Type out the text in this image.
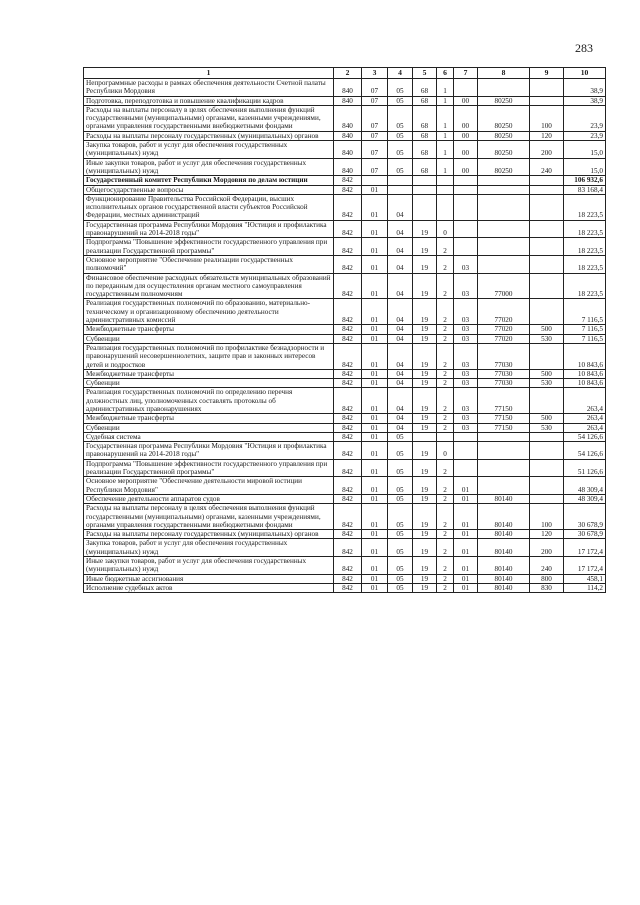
283
1	2	3	4	5	6	7	8	9	10
Непрограммные расходы в рамках обеспечения деятельности Счетной палаты Республики Мордовия	840	07	05	68	1				38,9
Подготовка, переподготовка и повышение квалификации кадров	840	07	05	68	1	00	80250		38,9
Расходы на выплаты персоналу в целях обеспечения выполнения функций государственными (муниципальными) органами, казенными учреждениями, органами управления государственными внебюджетными фондами	840	07	05	68	1	00	80250	100	23,9
Расходы на выплаты персоналу государственных (муниципальных) органов	840	07	05	68	1	00	80250	120	23,9
Закупка товаров, работ и услуг для обеспечения государственных (муниципальных) нужд	840	07	05	68	1	00	80250	200	15,0
Иные закупки товаров, работ и услуг для обеспечения государственных (муниципальных) нужд	840	07	05	68	1	00	80250	240	15,0
Государственный комитет Республики Мордовия по делам юстиции	842								106 932,6
Общегосударственные вопросы	842	01							83 168,4
Функционирование Правительства Российской Федерации, высших исполнительных органов государственной власти субъектов Российской Федерации, местных администраций	842	01	04						18 223,5
Государственная программа Республики Мордовия "Юстиция и профилактика правонарушений на 2014-2018 годы"	842	01	04	19	0				18 223,5
Подпрограмма "Повышение эффективности государственного управления при реализации Государственной программы"	842	01	04	19	2				18 223,5
Основное мероприятие "Обеспечение реализации государственных полномочий"	842	01	04	19	2	03			18 223,5
Финансовое обеспечение расходных обязательств муниципальных образований по переданным для осуществления органам местного самоуправления государственным полномочиям	842	01	04	19	2	03	77000		18 223,5
Реализация государственных полномочий по образованию, материально-техническому и организационному обеспечению деятельности административных комиссий	842	01	04	19	2	03	77020		7 116,5
Межбюджетные трансферты	842	01	04	19	2	03	77020	500	7 116,5
Субвенции	842	01	04	19	2	03	77020	530	7 116,5
Реализация государственных полномочий по профилактике безнадзорности и правонарушений несовершеннолетних, защите прав и законных интересов детей и подростков	842	01	04	19	2	03	77030		10 843,6
Межбюджетные трансферты	842	01	04	19	2	03	77030	500	10 843,6
Субвенции	842	01	04	19	2	03	77030	530	10 843,6
Реализация государственных полномочий по определению перечня должностных лиц, уполномоченных составлять протоколы об административных правонарушениях	842	01	04	19	2	03	77150		263,4
Межбюджетные трансферты	842	01	04	19	2	03	77150	500	263,4
Субвенции	842	01	04	19	2	03	77150	530	263,4
Судебная система	842	01	05						54 126,6
Государственная программа Республики Мордовия "Юстиция и профилактика правонарушений на 2014-2018 годы"	842	01	05	19	0				54 126,6
Подпрограмма "Повышение эффективности государственного управления при реализации Государственной программы"	842	01	05	19	2				51 126,6
Основное мероприятие "Обеспечение деятельности мировой юстиции Республики Мордовия"	842	01	05	19	2	01			48 309,4
Обеспечение деятельности аппаратов судов	842	01	05	19	2	01	80140		48 309,4
Расходы на выплаты персоналу в целях обеспечения выполнения функций государственными (муниципальными) органами, казенными учреждениями, органами управления государственными внебюджетными фондами	842	01	05	19	2	01	80140	100	30 678,9
Расходы на выплаты персоналу государственных (муниципальных) органов	842	01	05	19	2	01	80140	120	30 678,9
Закупка товаров, работ и услуг для обеспечения государственных (муниципальных) нужд	842	01	05	19	2	01	80140	200	17 172,4
Иные закупки товаров, работ и услуг для обеспечения государственных (муниципальных) нужд	842	01	05	19	2	01	80140	240	17 172,4
Иные бюджетные ассигнования	842	01	05	19	2	01	80140	800	458,1
Исполнение судебных актов	842	01	05	19	2	01	80140	830	114,2
